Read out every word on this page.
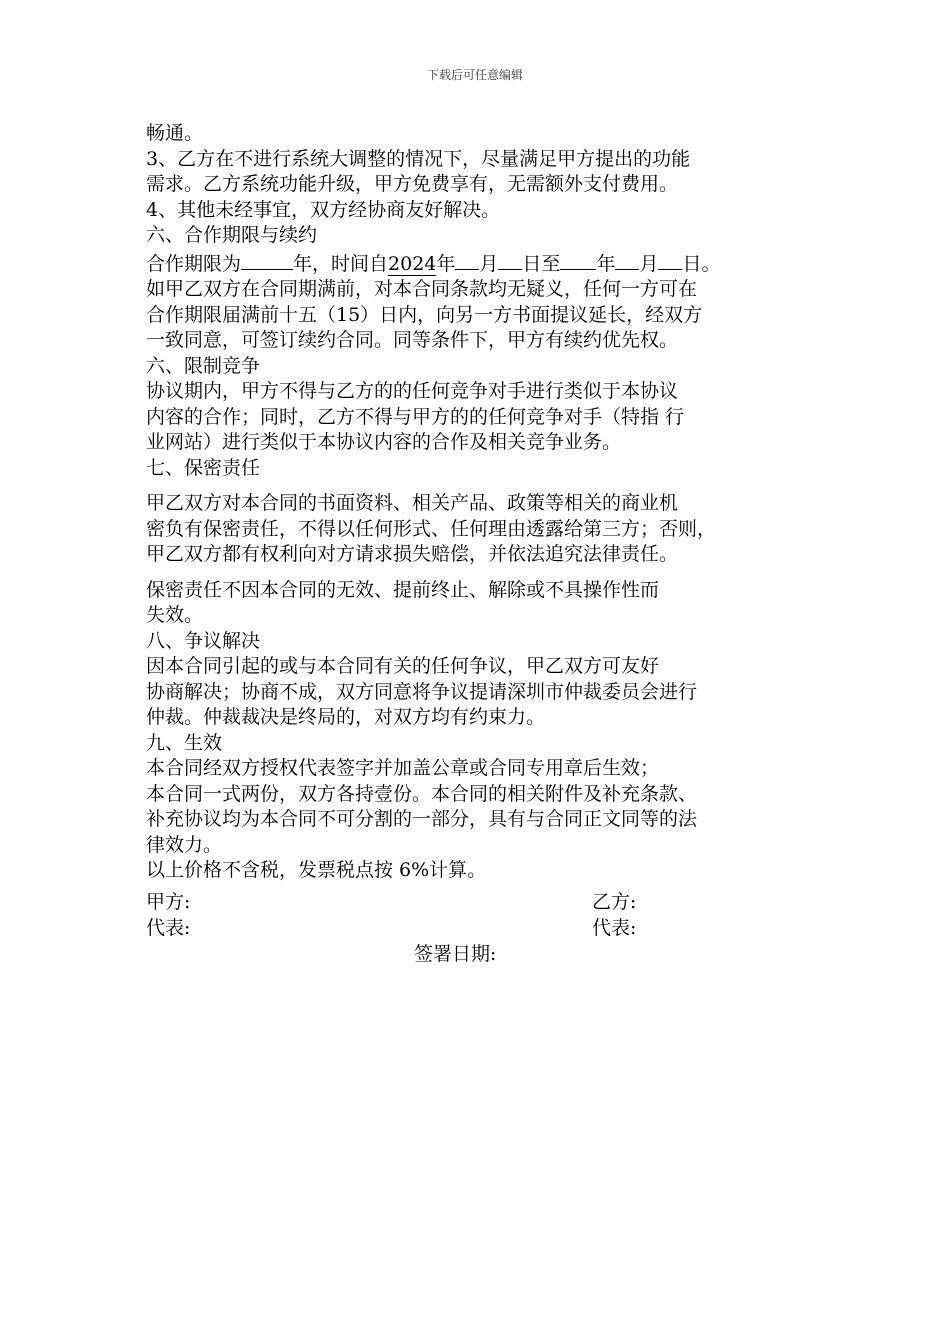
下载后可任意编辑

畅通。

3、乙方在不进行系统大调整的情况下，尽量满足甲方提出的功能

需求。乙方系统功能升级，甲方免费享有，无需额外支付费用。

4、其他未经事宜，双方经协商友好解决。

六、合作期限与续约

合作期限为	年，时间自2024年 月 日至 年 月 日。

如甲乙双方在合同期满前，对本合同条款均无疑义，任何一方可在

合作期限届满前十五（15）日内，向另一方书面提议延长，经双方

一致同意，可签订续约合同。同等条件下，甲方有续约优先权。

六、限制竞争

协议期内，甲方不得与乙方的的任何竞争对手进行类似于本协议

内容的合作；同时，乙方不得与甲方的的任何竞争对手（特指 行

业网站）进行类似于本协议内容的合作及相关竞争业务。

七、保密责任

甲乙双方对本合同的书面资料、相关产品、政策等相关的商业机

密负有保密责任，不得以任何形式、任何理由透露给第三方；否则，

甲乙双方都有权利向对方请求损失赔偿，并依法追究法律责任。

保密责任不因本合同的无效、提前终止、解除或不具操作性而

失效。

八、争议解决

因本合同引起的或与本合同有关的任何争议，甲乙双方可友好

协商解决；协商不成，双方同意将争议提请深圳市仲裁委员会进行

仲裁。仲裁裁决是终局的，对双方均有约束力。

九、生效

本合同经双方授权代表签字并加盖公章或合同专用章后生效；

本合同一式两份，双方各持壹份。本合同的相关附件及补充条款、

补充协议均为本合同不可分割的一部分，具有与合同正文同等的法

律效力。

以上价格不含税，发票税点按 6%计算。

甲方:	乙方:
代表:	代表:
签署日期:
